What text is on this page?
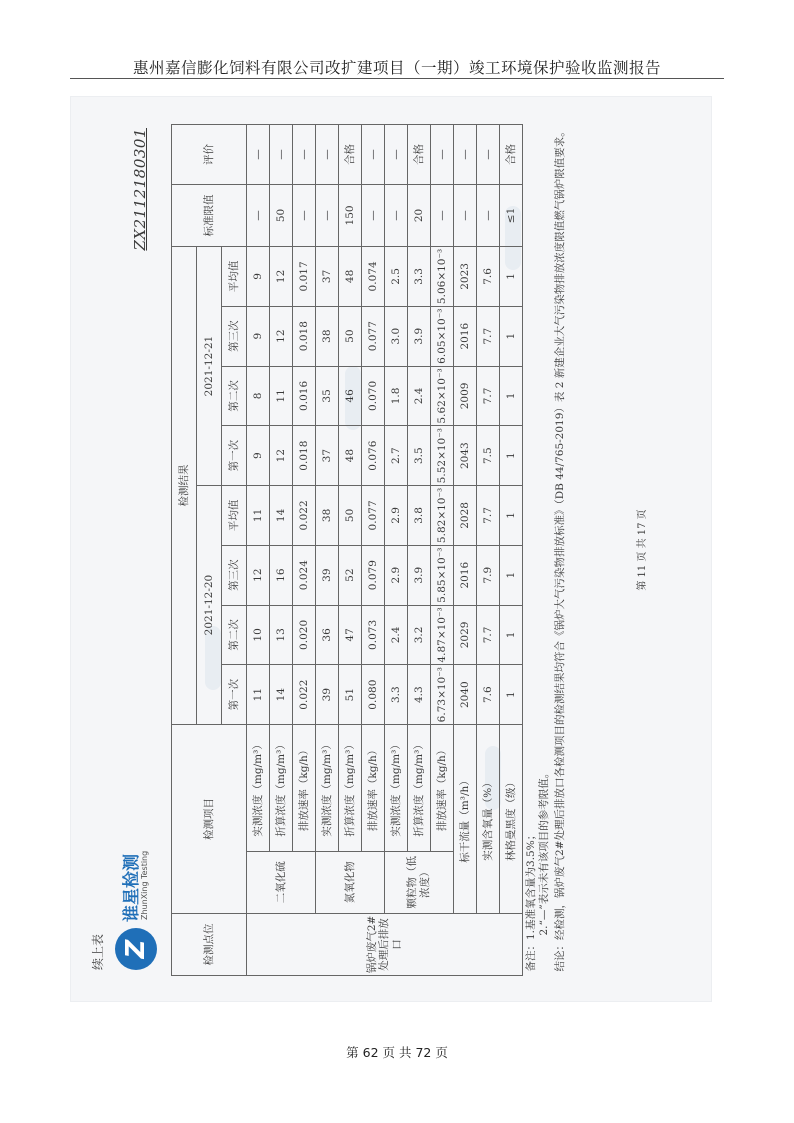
惠州嘉信膨化饲料有限公司改扩建项目（一期）竣工环境保护验收监测报告
续上表 Z
谁星检测
ZhunXing Testing
ZX2112180301
检测点位	检测项目		检测结果								标准限值	评价
			2021-12-20				2021-12-21					
			第一次	第二次	第三次	平均值	第一次	第二次	第三次	平均值		
锅炉废气2#处理后排放口	二氧化硫	实测浓度（mg/m³）	11	10	12	11	9	8	9	9	—	—
		折算浓度（mg/m³）	14	13	16	14	12	11	12	12	50	—
		排放速率（kg/h）	0.022	0.020	0.024	0.022	0.018	0.016	0.018	0.017	—	—
	氮氧化物	实测浓度（mg/m³）	39	36	39	38	37	35	38	37	—	—
		折算浓度（mg/m³）	51	47	52	50	48	46	50	48	150	合格
		排放速率（kg/h）	0.080	0.073	0.079	0.077	0.076	0.070	0.077	0.074	—	—
	颗粒物（低浓度）	实测浓度（mg/m³）	3.3	2.4	2.9	2.9	2.7	1.8	3.0	2.5	—	—
		折算浓度（mg/m³）	4.3	3.2	3.9	3.8	3.5	2.4	3.9	3.3	20	合格
		排放速率（kg/h）	6.73×10⁻³	4.87×10⁻³	5.85×10⁻³	5.82×10⁻³	5.52×10⁻³	5.62×10⁻³	6.05×10⁻³	5.06×10⁻³	—	—
	标干流量（m³/h）		2040	2029	2016	2028	2043	2009	2016	2023	—	—
	实测含氧量（%）		7.6	7.7	7.9	7.7	7.5	7.7	7.7	7.6	—	—
	林格曼黑度（级）		1	1	1	1	1	1	1	1	≤1	合格
备注：1.基准氧含量为3.5%； 2.“—”表示未有该项目的参考限值。												

结论：经检测，锅炉废气2#处理后排放口各检测项目的检测结果均符合《锅炉大气污染物排放标准》（DB 44/765-2019）表 2 新建企业大气污染物排放浓度限值燃气锅炉限值要求。													第 11 页 共 17 页
第 62 页 共 72 页
